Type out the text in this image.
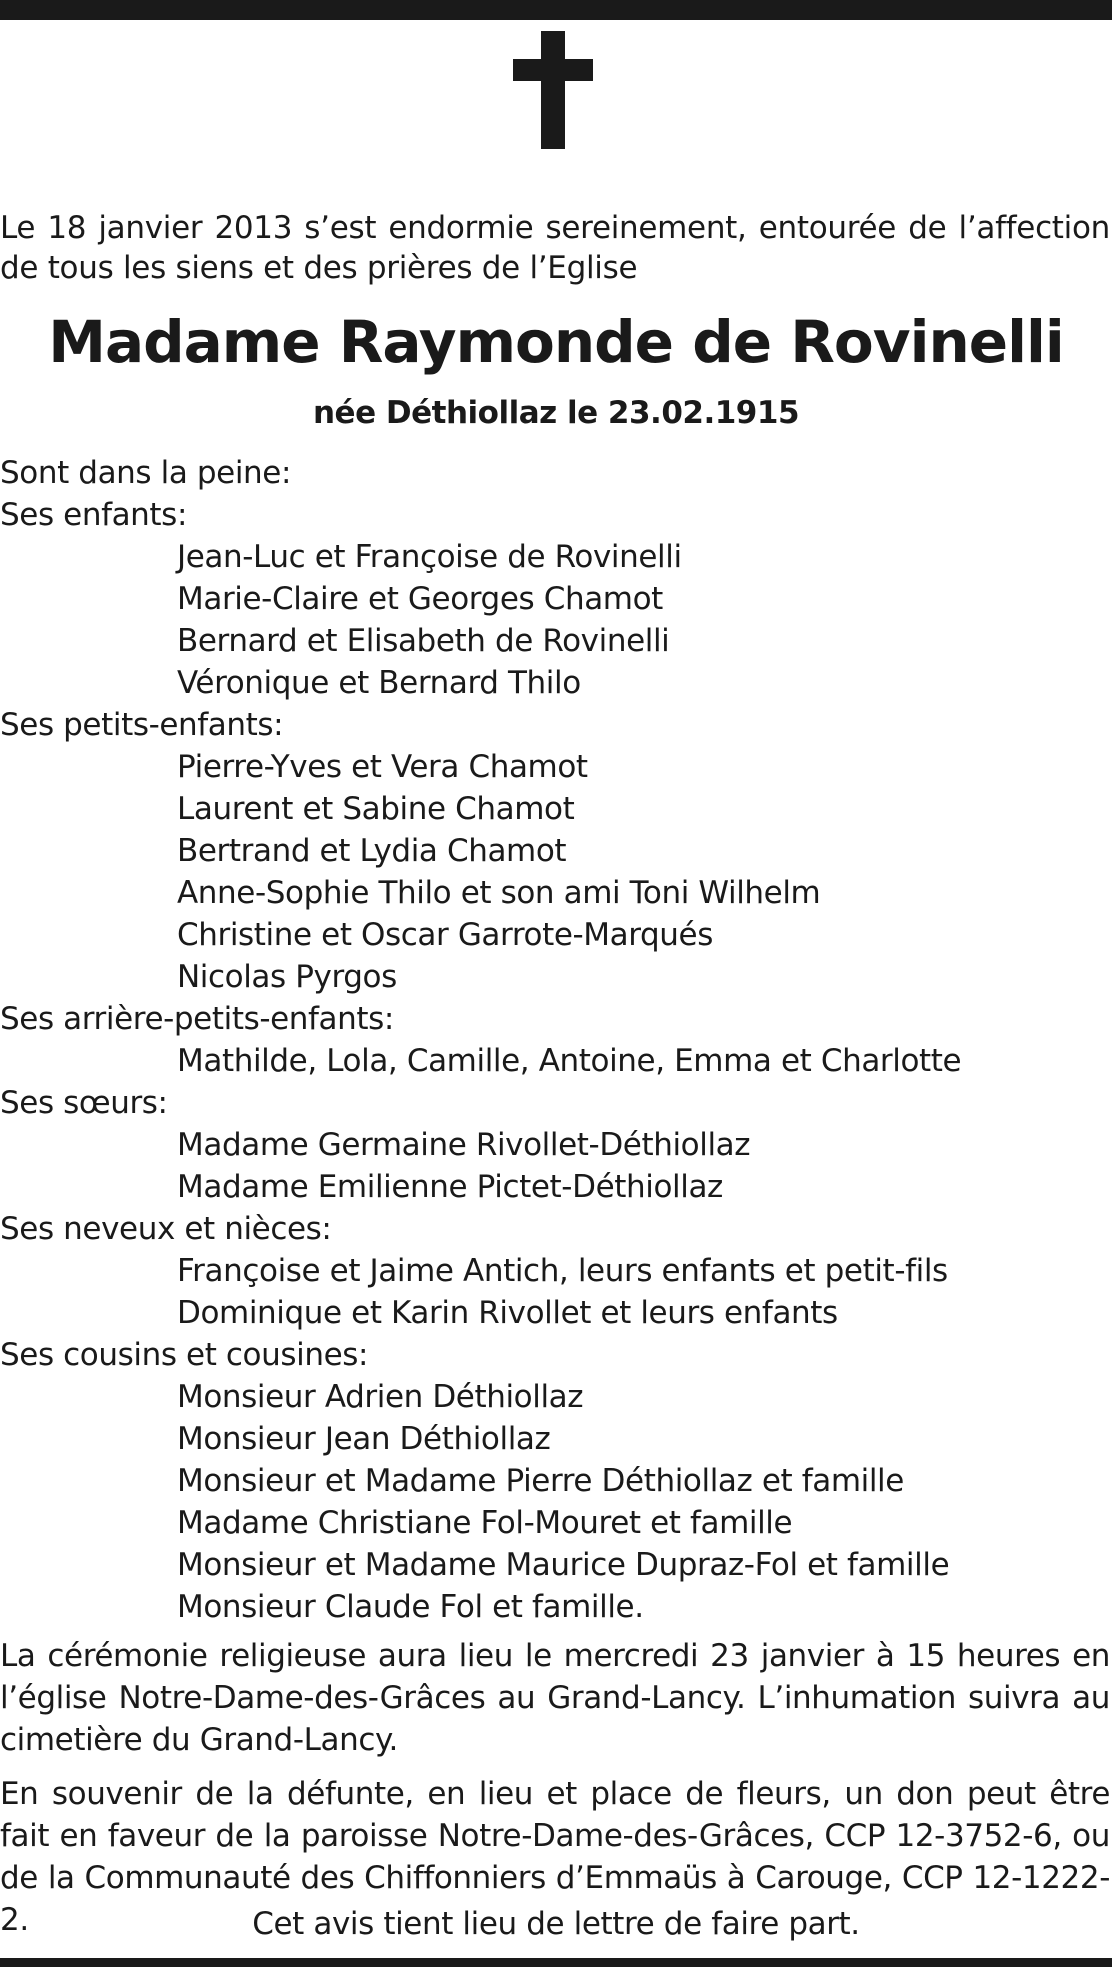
Le 18 janvier 2013 s’est endormie sereinement, entourée de l’affection
de tous les siens et des prières de l’Eglise
Madame Raymonde de Rovinelli
née Déthiollaz le 23.02.1915
Sont dans la peine:
Ses enfants:
Jean-Luc et Françoise de Rovinelli
Marie-Claire et Georges Chamot
Bernard et Elisabeth de Rovinelli
Véronique et Bernard Thilo
Ses petits-enfants:
Pierre-Yves et Vera Chamot
Laurent et Sabine Chamot
Bertrand et Lydia Chamot
Anne-Sophie Thilo et son ami Toni Wilhelm
Christine et Oscar Garrote-Marqués
Nicolas Pyrgos
Ses arrière-petits-enfants:
Mathilde, Lola, Camille, Antoine, Emma et Charlotte
Ses sœurs:
Madame Germaine Rivollet-Déthiollaz
Madame Emilienne Pictet-Déthiollaz
Ses neveux et nièces:
Françoise et Jaime Antich, leurs enfants et petit-fils
Dominique et Karin Rivollet et leurs enfants
Ses cousins et cousines:
Monsieur Adrien Déthiollaz
Monsieur Jean Déthiollaz
Monsieur et Madame Pierre Déthiollaz et famille
Madame Christiane Fol-Mouret et famille
Monsieur et Madame Maurice Dupraz-Fol et famille
Monsieur Claude Fol et famille.
La cérémonie religieuse aura lieu le mercredi 23 janvier à 15 heures en l’église Notre-Dame-des-Grâces au Grand-Lancy. L’inhumation suivra au cimetière du Grand-Lancy.
En souvenir de la défunte, en lieu et place de fleurs, un don peut être fait en faveur de la paroisse Notre-Dame-des-Grâces, CCP 12-3752-6, ou de la Communauté des Chiffonniers d’Emmaüs à Carouge, CCP 12-1222-2.	Cet avis tient lieu de lettre de faire part.
